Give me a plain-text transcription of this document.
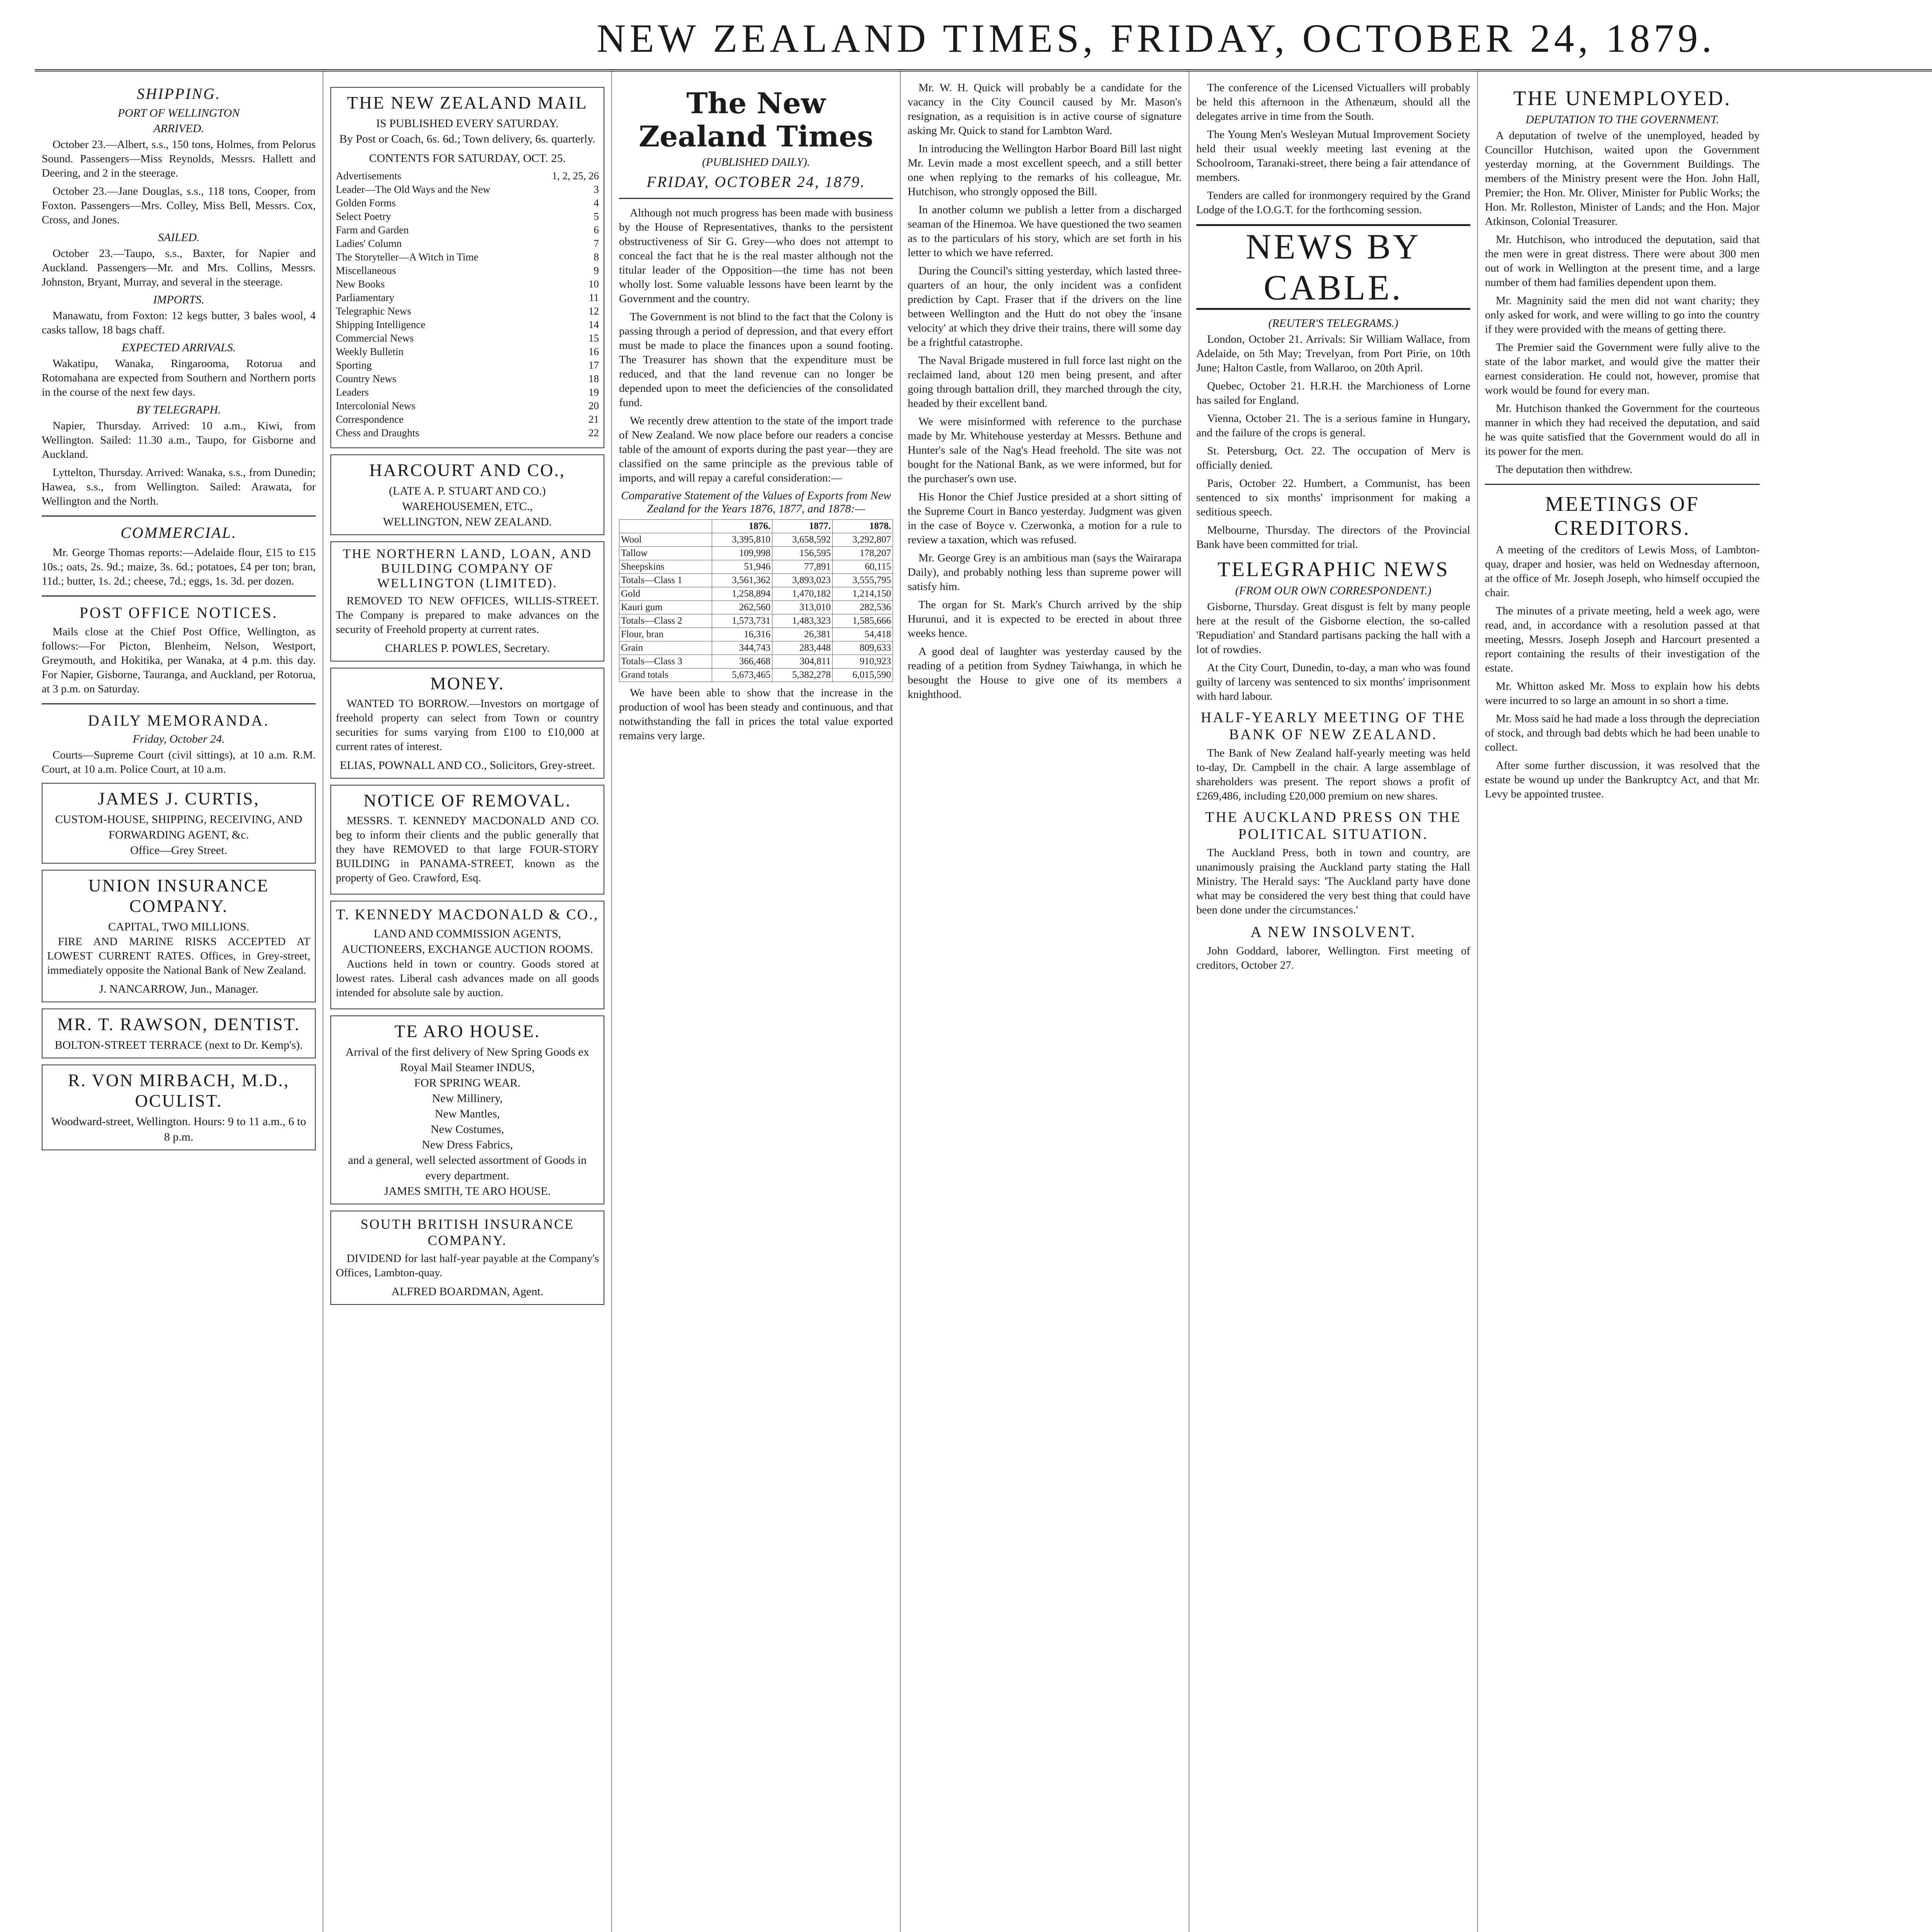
NEW ZEALAND TIMES, FRIDAY, OCTOBER 24, 1879.
SHIPPING.
PORT OF WELLINGTON
ARRIVED.

October 23.—Albert, s.s., 150 tons, Holmes, from Pelorus Sound. Passengers—Miss Reynolds, Messrs. Hallett and Deering, and 2 in the steerage.

October 23.—Jane Douglas, s.s., 118 tons, Cooper, from Foxton. Passengers—Mrs. Colley, Miss Bell, Messrs. Cox, Cross, and Jones.

SAILED.

October 23.—Taupo, s.s., Baxter, for Napier and Auckland. Passengers—Mr. and Mrs. Collins, Messrs. Johnston, Bryant, Murray, and several in the steerage.

IMPORTS.

Manawatu, from Foxton: 12 kegs butter, 3 bales wool, 4 casks tallow, 18 bags chaff.

EXPECTED ARRIVALS.

Wakatipu, Wanaka, Ringarooma, Rotorua and Rotomahana are expected from Southern and Northern ports in the course of the next few days.

BY TELEGRAPH.

Napier, Thursday. Arrived: 10 a.m., Kiwi, from Wellington. Sailed: 11.30 a.m., Taupo, for Gisborne and Auckland.

Lyttelton, Thursday. Arrived: Wanaka, s.s., from Dunedin; Hawea, s.s., from Wellington. Sailed: Arawata, for Wellington and the North.

COMMERCIAL.

Mr. George Thomas reports:—Adelaide flour, £15 to £15 10s.; oats, 2s. 9d.; maize, 3s. 6d.; potatoes, £4 per ton; bran, 11d.; butter, 1s. 2d.; cheese, 7d.; eggs, 1s. 3d. per dozen.

POST OFFICE NOTICES.

Mails close at the Chief Post Office, Wellington, as follows:—For Picton, Blenheim, Nelson, Westport, Greymouth, and Hokitika, per Wanaka, at 4 p.m. this day. For Napier, Gisborne, Tauranga, and Auckland, per Rotorua, at 3 p.m. on Saturday.

DAILY MEMORANDA.
Friday, October 24.

Courts—Supreme Court (civil sittings), at 10 a.m. R.M. Court, at 10 a.m. Police Court, at 10 a.m.

JAMES J. CURTIS,
CUSTOM-HOUSE, SHIPPING, RECEIVING, AND FORWARDING AGENT, &c.
Office—Grey Street.
UNION INSURANCE COMPANY.
CAPITAL, TWO MILLIONS.

FIRE AND MARINE RISKS ACCEPTED AT LOWEST CURRENT RATES. Offices, in Grey-street, immediately opposite the National Bank of New Zealand.

J. NANCARROW, Jun., Manager.
MR. T. RAWSON, DENTIST.
BOLTON-STREET TERRACE (next to Dr. Kemp's).
R. VON MIRBACH, M.D., OCULIST.
Woodward-street, Wellington. Hours: 9 to 11 a.m., 6 to 8 p.m.
THE NEW ZEALAND MAIL
IS PUBLISHED EVERY SATURDAY.
By Post or Coach, 6s. 6d.; Town delivery, 6s. quarterly.
CONTENTS FOR SATURDAY, OCT. 25.
Advertisements	1, 2, 25, 26
Leader—The Old Ways and the New	3
Golden Forms	4
Select Poetry	5
Farm and Garden	6
Ladies' Column	7
The Storyteller—A Witch in Time	8
Miscellaneous	9
New Books	10
Parliamentary	11
Telegraphic News	12
Shipping Intelligence	14
Commercial News	15
Weekly Bulletin	16
Sporting	17
Country News	18
Leaders	19
Intercolonial News	20
Correspondence	21
Chess and Draughts	22
HARCOURT AND CO.,
(LATE A. P. STUART AND CO.)
WAREHOUSEMEN, ETC.,
WELLINGTON, NEW ZEALAND.
THE NORTHERN LAND, LOAN, AND BUILDING COMPANY OF WELLINGTON (LIMITED).

REMOVED TO NEW OFFICES, WILLIS-STREET. The Company is prepared to make advances on the security of Freehold property at current rates.

CHARLES P. POWLES, Secretary.
MONEY.

WANTED TO BORROW.—Investors on mortgage of freehold property can select from Town or country securities for sums varying from £100 to £10,000 at current rates of interest.

ELIAS, POWNALL AND CO., Solicitors, Grey-street.
NOTICE OF REMOVAL.

MESSRS. T. KENNEDY MACDONALD AND CO. beg to inform their clients and the public generally that they have REMOVED to that large FOUR-STORY BUILDING in PANAMA-STREET, known as the property of Geo. Crawford, Esq.

T. KENNEDY MACDONALD & CO.,
LAND AND COMMISSION AGENTS, AUCTIONEERS, EXCHANGE AUCTION ROOMS.

Auctions held in town or country. Goods stored at lowest rates. Liberal cash advances made on all goods intended for absolute sale by auction.

TE ARO HOUSE.
Arrival of the first delivery of New Spring Goods ex Royal Mail Steamer INDUS,
FOR SPRING WEAR.
New Millinery,
New Mantles,
New Costumes,
New Dress Fabrics,
and a general, well selected assortment of Goods in every department.
JAMES SMITH, TE ARO HOUSE.
SOUTH BRITISH INSURANCE COMPANY.

DIVIDEND for last half-year payable at the Company's Offices, Lambton-quay.

ALFRED BOARDMAN, Agent.
The New Zealand Times
(PUBLISHED DAILY).
FRIDAY, OCTOBER 24, 1879.

Although not much progress has been made with business by the House of Representatives, thanks to the persistent obstructiveness of Sir G. Grey—who does not attempt to conceal the fact that he is the real master although not the titular leader of the Opposition—the time has not been wholly lost. Some valuable lessons have been learnt by the Government and the country.

The Government is not blind to the fact that the Colony is passing through a period of depression, and that every effort must be made to place the finances upon a sound footing. The Treasurer has shown that the expenditure must be reduced, and that the land revenue can no longer be depended upon to meet the deficiencies of the consolidated fund.

We recently drew attention to the state of the import trade of New Zealand. We now place before our readers a concise table of the amount of exports during the past year—they are classified on the same principle as the previous table of imports, and will repay a careful consideration:—

Comparative Statement of the Values of Exports from New Zealand for the Years 1876, 1877, and 1878:—
	1876.	1877.	1878.
Wool	3,395,810	3,658,592	3,292,807
Tallow	109,998	156,595	178,207
Sheepskins	51,946	77,891	60,115
Totals—Class 1	3,561,362	3,893,023	3,555,795
Gold	1,258,894	1,470,182	1,214,150
Kauri gum	262,560	313,010	282,536
Totals—Class 2	1,573,731	1,483,323	1,585,666
Flour, bran	16,316	26,381	54,418
Grain	344,743	283,448	809,633
Totals—Class 3	366,468	304,811	910,923
Grand totals	5,673,465	5,382,278	6,015,590

We have been able to show that the increase in the production of wool has been steady and continuous, and that notwithstanding the fall in prices the total value exported remains very large.

Mr. W. H. Quick will probably be a candidate for the vacancy in the City Council caused by Mr. Mason's resignation, as a requisition is in active course of signature asking Mr. Quick to stand for Lambton Ward.

In introducing the Wellington Harbor Board Bill last night Mr. Levin made a most excellent speech, and a still better one when replying to the remarks of his colleague, Mr. Hutchison, who strongly opposed the Bill.

In another column we publish a letter from a discharged seaman of the Hinemoa. We have questioned the two seamen as to the particulars of his story, which are set forth in his letter to which we have referred.

During the Council's sitting yesterday, which lasted three-quarters of an hour, the only incident was a confident prediction by Capt. Fraser that if the drivers on the line between Wellington and the Hutt do not obey the 'insane velocity' at which they drive their trains, there will some day be a frightful catastrophe.

The Naval Brigade mustered in full force last night on the reclaimed land, about 120 men being present, and after going through battalion drill, they marched through the city, headed by their excellent band.

We were misinformed with reference to the purchase made by Mr. Whitehouse yesterday at Messrs. Bethune and Hunter's sale of the Nag's Head freehold. The site was not bought for the National Bank, as we were informed, but for the purchaser's own use.

His Honor the Chief Justice presided at a short sitting of the Supreme Court in Banco yesterday. Judgment was given in the case of Boyce v. Czerwonka, a motion for a rule to review a taxation, which was refused.

Mr. George Grey is an ambitious man (says the Wairarapa Daily), and probably nothing less than supreme power will satisfy him.

The organ for St. Mark's Church arrived by the ship Hurunui, and it is expected to be erected in about three weeks hence.

A good deal of laughter was yesterday caused by the reading of a petition from Sydney Taiwhanga, in which he besought the House to give one of its members a knighthood.

The conference of the Licensed Victuallers will probably be held this afternoon in the Athenæum, should all the delegates arrive in time from the South.

The Young Men's Wesleyan Mutual Improvement Society held their usual weekly meeting last evening at the Schoolroom, Taranaki-street, there being a fair attendance of members.

Tenders are called for ironmongery required by the Grand Lodge of the I.O.G.T. for the forthcoming session.

NEWS BY CABLE.
(REUTER'S TELEGRAMS.)

London, October 21. Arrivals: Sir William Wallace, from Adelaide, on 5th May; Trevelyan, from Port Pirie, on 10th June; Halton Castle, from Wallaroo, on 20th April.

Quebec, October 21. H.R.H. the Marchioness of Lorne has sailed for England.

Vienna, October 21. The is a serious famine in Hungary, and the failure of the crops is general.

St. Petersburg, Oct. 22. The occupation of Merv is officially denied.

Paris, October 22. Humbert, a Communist, has been sentenced to six months' imprisonment for making a seditious speech.

Melbourne, Thursday. The directors of the Provincial Bank have been committed for trial.

TELEGRAPHIC NEWS
(FROM OUR OWN CORRESPONDENT.)

Gisborne, Thursday. Great disgust is felt by many people here at the result of the Gisborne election, the so-called 'Repudiation' and Standard partisans packing the hall with a lot of rowdies.

At the City Court, Dunedin, to-day, a man who was found guilty of larceny was sentenced to six months' imprisonment with hard labour.

HALF-YEARLY MEETING OF THE BANK OF NEW ZEALAND.

The Bank of New Zealand half-yearly meeting was held to-day, Dr. Campbell in the chair. A large assemblage of shareholders was present. The report shows a profit of £269,486, including £20,000 premium on new shares.

THE AUCKLAND PRESS ON THE POLITICAL SITUATION.

The Auckland Press, both in town and country, are unanimously praising the Auckland party stating the Hall Ministry. The Herald says: 'The Auckland party have done what may be considered the very best thing that could have been done under the circumstances.'

A NEW INSOLVENT.

John Goddard, laborer, Wellington. First meeting of creditors, October 27.

THE UNEMPLOYED.
DEPUTATION TO THE GOVERNMENT.

A deputation of twelve of the unemployed, headed by Councillor Hutchison, waited upon the Government yesterday morning, at the Government Buildings. The members of the Ministry present were the Hon. John Hall, Premier; the Hon. Mr. Oliver, Minister for Public Works; the Hon. Mr. Rolleston, Minister of Lands; and the Hon. Major Atkinson, Colonial Treasurer.

Mr. Hutchison, who introduced the deputation, said that the men were in great distress. There were about 300 men out of work in Wellington at the present time, and a large number of them had families dependent upon them.

Mr. Magninity said the men did not want charity; they only asked for work, and were willing to go into the country if they were provided with the means of getting there.

The Premier said the Government were fully alive to the state of the labor market, and would give the matter their earnest consideration. He could not, however, promise that work would be found for every man.

Mr. Hutchison thanked the Government for the courteous manner in which they had received the deputation, and said he was quite satisfied that the Government would do all in its power for the men.

The deputation then withdrew.

MEETINGS OF CREDITORS.

A meeting of the creditors of Lewis Moss, of Lambton-quay, draper and hosier, was held on Wednesday afternoon, at the office of Mr. Joseph Joseph, who himself occupied the chair.

The minutes of a private meeting, held a week ago, were read, and, in accordance with a resolution passed at that meeting, Messrs. Joseph Joseph and Harcourt presented a report containing the results of their investigation of the estate.

Mr. Whitton asked Mr. Moss to explain how his debts were incurred to so large an amount in so short a time.

Mr. Moss said he had made a loss through the depreciation of stock, and through bad debts which he had been unable to collect.

After some further discussion, it was resolved that the estate be wound up under the Bankruptcy Act, and that Mr. Levy be appointed trustee.
